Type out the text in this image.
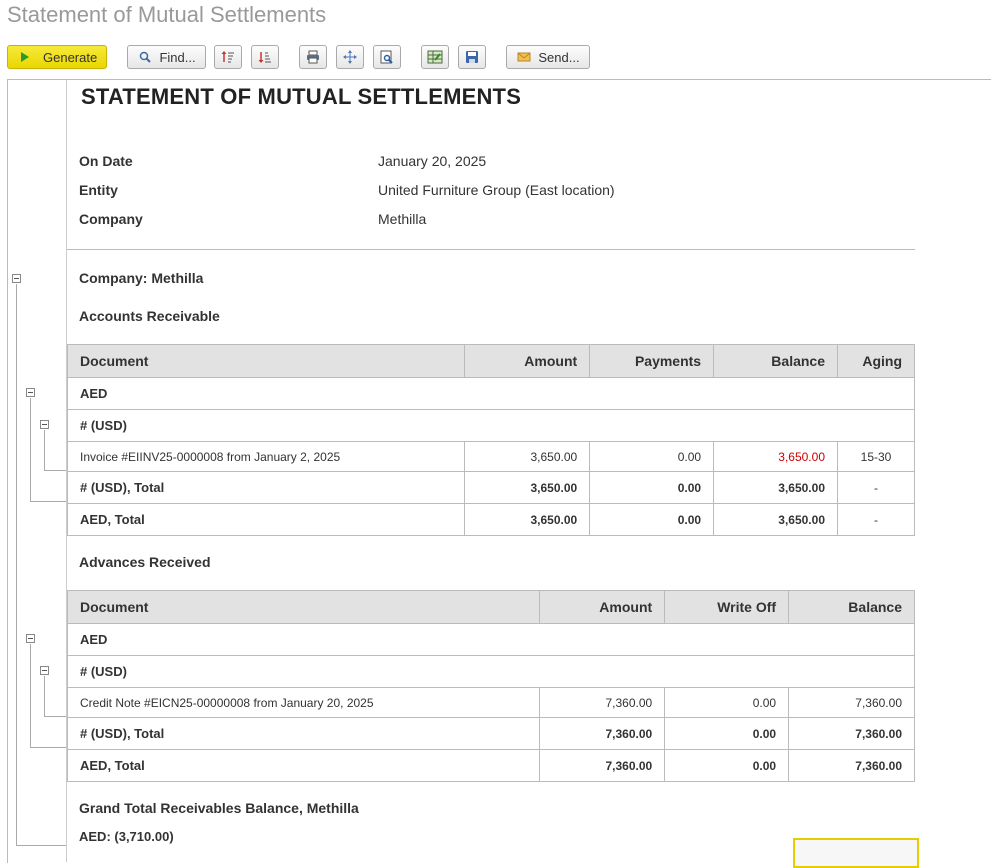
Statement of Mutual Settlements
Generate	Find...	Send...
STATEMENT OF MUTUAL SETTLEMENTS
On Date	January 20, 2025
Entity	United Furniture Group (East location)
Company	Methilla
Company: Methilla
Accounts Receivable
Document	Amount	Payments	Balance	Aging
AED				
# (USD)				
Invoice #EIINV25-0000008 from January 2, 2025	3,650.00	0.00	3,650.00	15-30
# (USD), Total	3,650.00	0.00	3,650.00	-
AED, Total	3,650.00	0.00	3,650.00	-
Advances Received
Document	Amount	Write Off	Balance
AED			
# (USD)			
Credit Note #EICN25-00000008 from January 20, 2025	7,360.00	0.00	7,360.00
# (USD), Total	7,360.00	0.00	7,360.00
AED, Total	7,360.00	0.00	7,360.00
Grand Total Receivables Balance, Methilla
AED: (3,710.00)
